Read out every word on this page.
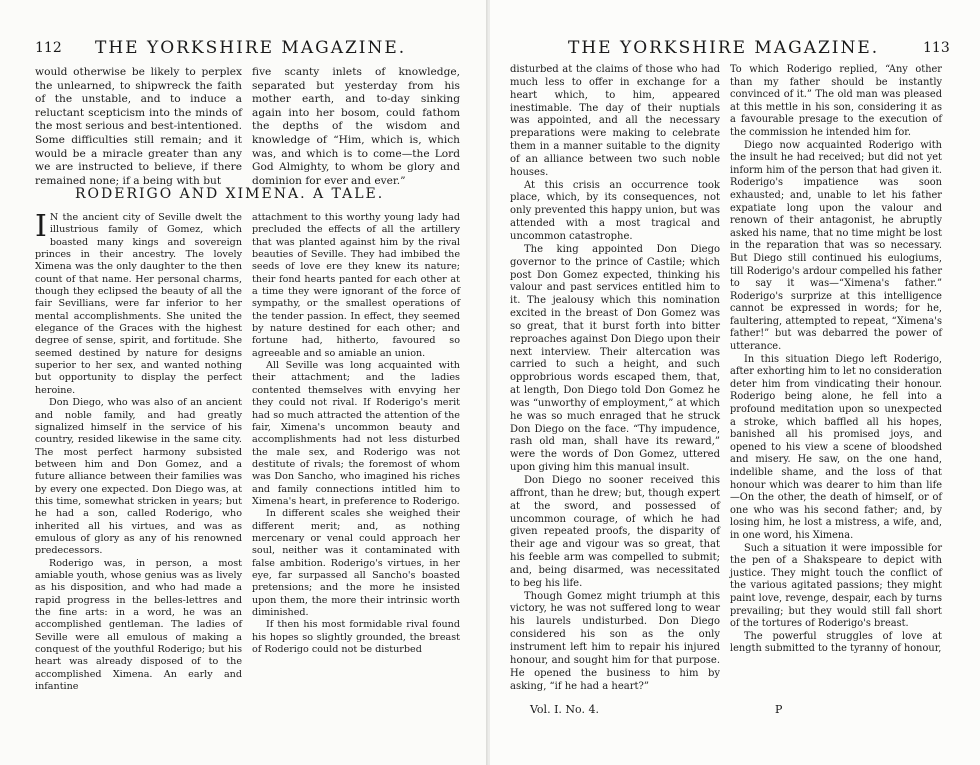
112 THE YORKSHIRE MAGAZINE.

would otherwise be likely to perplex the unlearned, to shipwreck the faith of the unstable, and to induce a reluctant scepticism into the minds of the most serious and best-intentioned. Some difficulties still remain; and it would be a miracle greater than any we are instructed to believe, if there remained none; if a being with but

five scanty inlets of knowledge, separated but yesterday from his mother earth, and to-day sinking again into her bosom, could fathom the depths of the wisdom and knowledge of “Him, which is, which was, and which is to come—the Lord God Almighty, to whom be glory and dominion for ever and ever.”

RODERIGO AND XIMENA. A TALE.

I N the ancient city of Seville dwelt the illustrious family of Gomez, which boasted many kings and sovereign princes in their ancestry. The lovely Ximena was the only daughter to the then count of that name. Her personal charms, though they eclipsed the beauty of all the fair Sevillians, were far inferior to her mental accomplishments. She united the elegance of the Graces with the highest degree of sense, spirit, and fortitude. She seemed destined by nature for designs superior to her sex, and wanted nothing but opportunity to display the perfect heroine.

Don Diego, who was also of an ancient and noble family, and had greatly signalized himself in the service of his country, resided likewise in the same city. The most perfect harmony subsisted between him and Don Gomez, and a future alliance between their families was by every one expected. Don Diego was, at this time, somewhat stricken in years; but he had a son, called Roderigo, who inherited all his virtues, and was as emulous of glory as any of his renowned predecessors.

Roderigo was, in person, a most amiable youth, whose genius was as lively as his disposition, and who had made a rapid progress in the belles-lettres and the fine arts: in a word, he was an accomplished gentleman. The ladies of Seville were all emulous of making a conquest of the youthful Roderigo; but his heart was already disposed of to the accomplished Ximena. An early and infantine

attachment to this worthy young lady had precluded the effects of all the artillery that was planted against him by the rival beauties of Seville. They had imbibed the seeds of love ere they knew its nature; their fond hearts panted for each other at a time they were ignorant of the force of sympathy, or the smallest operations of the tender passion. In effect, they seemed by nature destined for each other; and fortune had, hitherto, favoured so agreeable and so amiable an union.

All Seville was long acquainted with their attachment; and the ladies contented themselves with envying her they could not rival. If Roderigo's merit had so much attracted the attention of the fair, Ximena's uncommon beauty and accomplishments had not less disturbed the male sex, and Roderigo was not destitute of rivals; the foremost of whom was Don Sancho, who imagined his riches and family connections intitled him to Ximena's heart, in preference to Roderigo.

In different scales she weighed their different merit; and, as nothing mercenary or venal could approach her soul, neither was it contaminated with false ambition. Roderigo's virtues, in her eye, far surpassed all Sancho's boasted pretensions; and the more he insisted upon them, the more their intrinsic worth diminished.

If then his most formidable rival found his hopes so slightly grounded, the breast of Roderigo could not be disturbed

THE YORKSHIRE MAGAZINE.	113

disturbed at the claims of those who had much less to offer in exchange for a heart which, to him, appeared inestimable. The day of their nuptials was appointed, and all the necessary preparations were making to celebrate them in a manner suitable to the dignity of an alliance between two such noble houses.

At this crisis an occurrence took place, which, by its consequences, not only prevented this happy union, but was attended with a most tragical and uncommon catastrophe.

The king appointed Don Diego governor to the prince of Castile; which post Don Gomez expected, thinking his valour and past services entitled him to it. The jealousy which this nomination excited in the breast of Don Gomez was so great, that it burst forth into bitter reproaches against Don Diego upon their next interview. Their altercation was carried to such a height, and such opprobrious words escaped them, that, at length, Don Diego told Don Gomez he was “unworthy of employment,” at which he was so much enraged that he struck Don Diego on the face. “Thy impudence, rash old man, shall have its reward,” were the words of Don Gomez, uttered upon giving him this manual insult.

Don Diego no sooner received this affront, than he drew; but, though expert at the sword, and possessed of uncommon courage, of which he had given repeated proofs, the disparity of their age and vigour was so great, that his feeble arm was compelled to submit; and, being disarmed, was necessitated to beg his life.

Though Gomez might triumph at this victory, he was not suffered long to wear his laurels undisturbed. Don Diego considered his son as the only instrument left him to repair his injured honour, and sought him for that purpose. He opened the business to him by asking, “if he had a heart?”

To which Roderigo replied, “Any other than my father should be instantly convinced of it.” The old man was pleased at this mettle in his son, considering it as a favourable presage to the execution of the commission he intended him for.

Diego now acquainted Roderigo with the insult he had received; but did not yet inform him of the person that had given it. Roderigo's impatience was soon exhausted; and, unable to let his father expatiate long upon the valour and renown of their antagonist, he abruptly asked his name, that no time might be lost in the reparation that was so necessary. But Diego still continued his eulogiums, till Roderigo's ardour compelled his father to say it was—“Ximena's father.” Roderigo's surprize at this intelligence cannot be expressed in words; for he, faultering, attempted to repeat, “Ximena's father!” but was debarred the power of utterance.

In this situation Diego left Roderigo, after exhorting him to let no consideration deter him from vindicating their honour. Roderigo being alone, he fell into a profound meditation upon so unexpected a stroke, which baffled all his hopes, banished all his promised joys, and opened to his view a scene of bloodshed and misery. He saw, on the one hand, indelible shame, and the loss of that honour which was dearer to him than life—On the other, the death of himself, or of one who was his second father; and, by losing him, he lost a mistress, a wife, and, in one word, his Ximena.

Such a situation it were impossible for the pen of a Shakspeare to depict with justice. They might touch the conflict of the various agitated passions; they might paint love, revenge, despair, each by turns prevailing; but they would still fall short of the tortures of Roderigo's breast.

The powerful struggles of love at length submitted to the tyranny of honour,

Vol. I. No. 4.	P
